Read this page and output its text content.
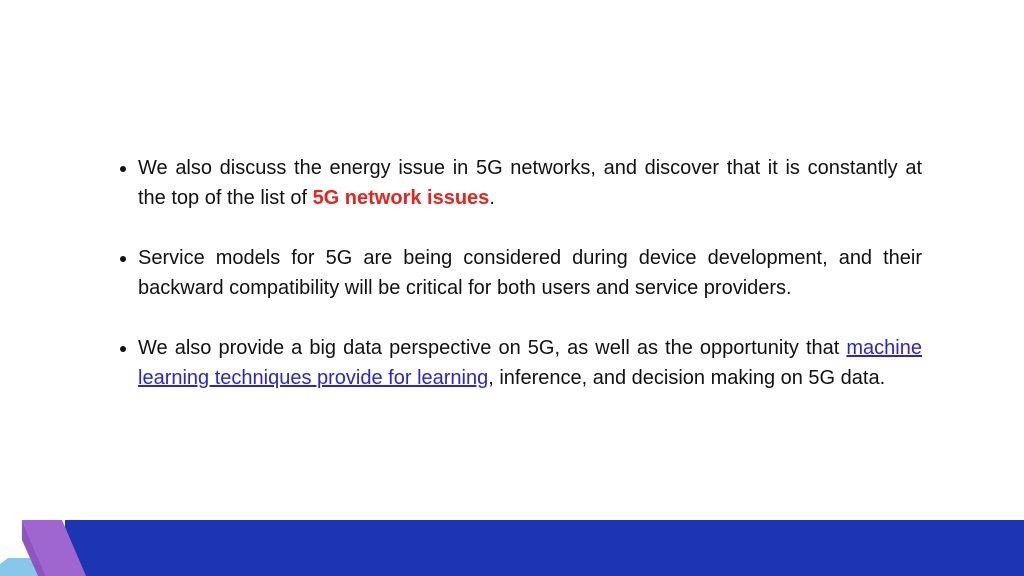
We also discuss the energy issue in 5G networks, and discover that it is constantly at the top of the list of 5G network issues.
Service models for 5G are being considered during device development, and their backward compatibility will be critical for both users and service providers.
We also provide a big data perspective on 5G, as well as the opportunity that machine learning techniques provide for learning, inference, and decision making on 5G data.
